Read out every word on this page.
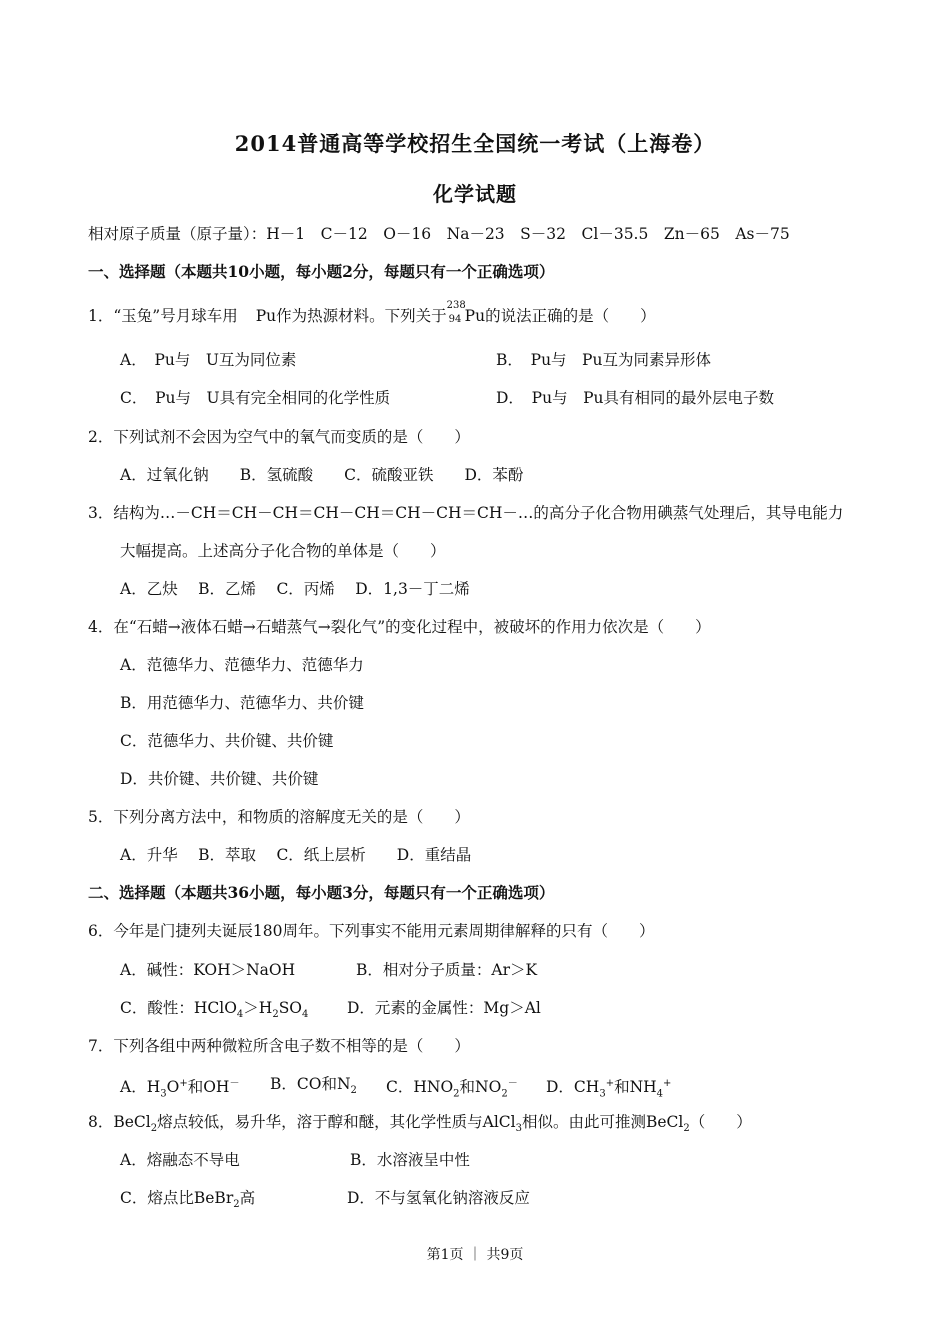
2014普通高等学校招生全国统一考试（上海卷）
化学试题
相对原子质量（原子量）：H－1　C－12　O－16　Na－23　S－32　Cl－35.5　Zn－65　As－75
一、选择题（本题共10小题，每小题2分，每题只有一个正确选项）
1．“玉兔”号月球车用 Pu作为热源材料。下列关于
238
94 Pu的说法正确的是（　　）
A．　Pu与　U互为同位素	B．　Pu与　Pu互为同素异形体
C．　Pu与　U具有完全相同的化学性质	D．　Pu与　Pu具有相同的最外层电子数
2．下列试剂不会因为空气中的氧气而变质的是（　　）
A．过氧化钠　　B．氢硫酸　　C．硫酸亚铁　　D．苯酚
3．结构为…－CH＝CH－CH＝CH－CH＝CH－CH＝CH－…的高分子化合物用碘蒸气处理后，其导电能力
大幅提高。上述高分子化合物的单体是（　　）
A．乙炔　 B．乙烯　 C．丙烯　 D．1,3－丁二烯
4．在“石蜡→液体石蜡→石蜡蒸气→裂化气”的变化过程中，被破坏的作用力依次是（　　）
A．范德华力、范德华力、范德华力
B．用范德华力、范德华力、共价键
C．范德华力、共价键、共价键
D．共价键、共价键、共价键
5．下列分离方法中，和物质的溶解度无关的是（　　）
A．升华　 B．萃取　 C．纸上层析　　D．重结晶
二、选择题（本题共36小题，每小题3分，每题只有一个正确选项）
6．今年是门捷列夫诞辰180周年。下列事实不能用元素周期律解释的只有（　　）
A．碱性：KOH＞NaOH	B．相对分子质量：Ar＞K
C．酸性：$HClO_4>H_2SO_4$ D．元素的金属性：Mg＞Al
7．下列各组中两种微粒所含电子数不相等的是（　　）
A．$H_3O^+$和OH－ B．CO和$N_2$ C．$HNO_2$和$NO_2^-$ D．$CH_3^+$和$NH_4^+$
8．BeCl$_2$熔点较低，易升华，溶于醇和醚，其化学性质与AlCl$_3$相似。由此可推测BeCl$_2$（　　）
A．熔融态不导电	B．水溶液呈中性
C．熔点比BeBr$_2$高	D．不与氢氧化钠溶液反应
第1页 ｜ 共9页
